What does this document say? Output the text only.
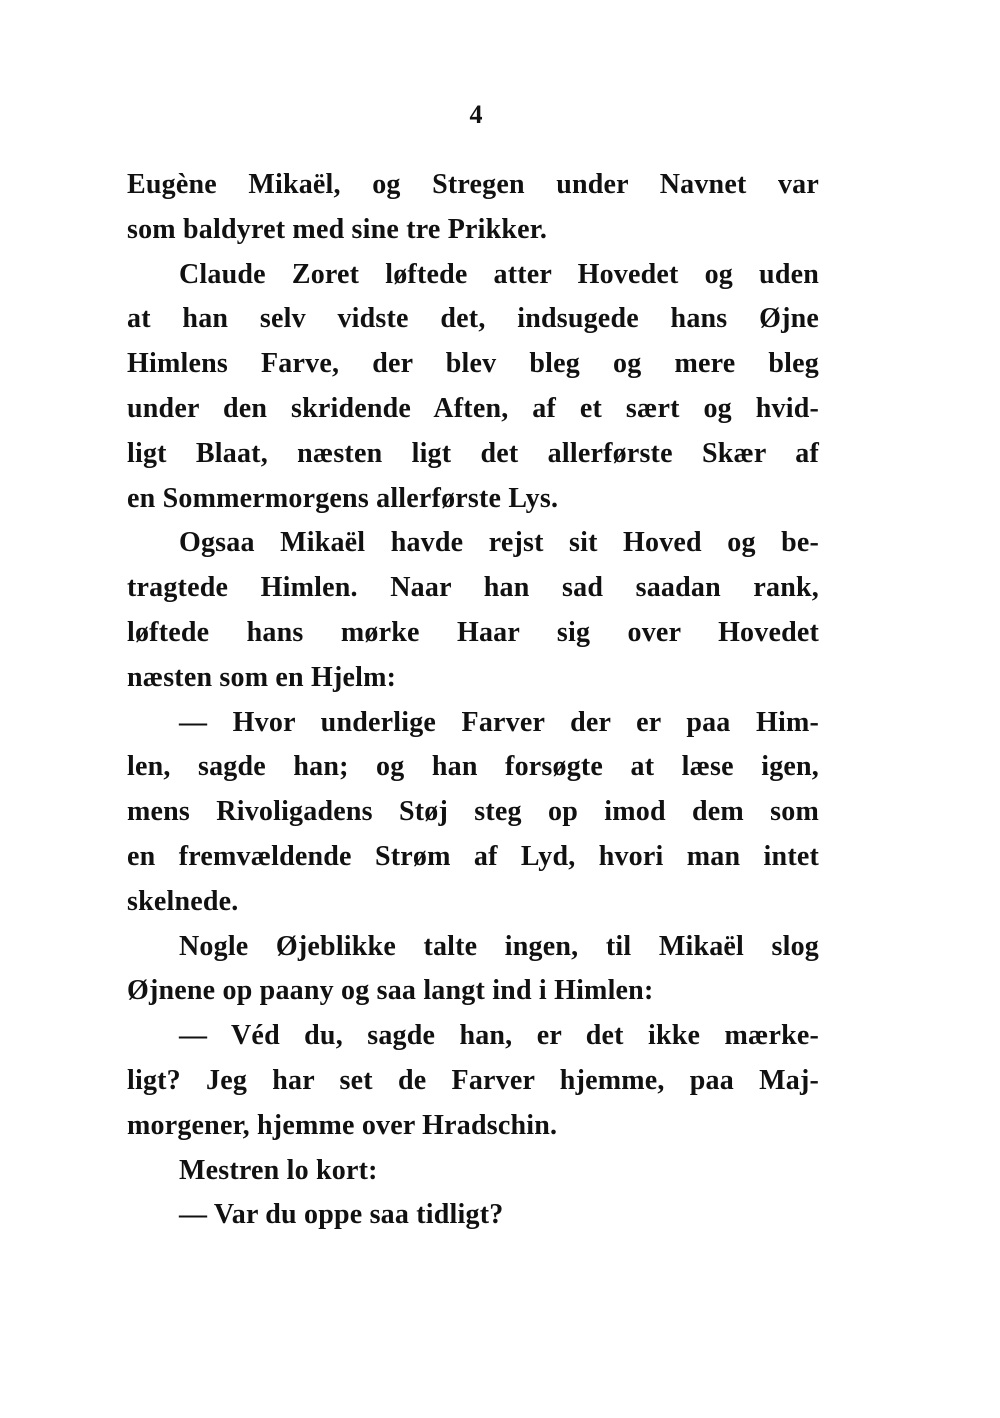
4
Eugène Mikaël, og Stregen under Navnet var
som baldyret med sine tre Prikker.
Claude Zoret løftede atter Hovedet og uden
at han selv vidste det, indsugede hans Øjne
Himlens Farve, der blev bleg og mere bleg
under den skridende Aften, af et sært og hvid-
ligt Blaat, næsten ligt det allerførste Skær af
en Sommermorgens allerførste Lys.
Ogsaa Mikaël havde rejst sit Hoved og be-
tragtede Himlen. Naar han sad saadan rank,
løftede hans mørke Haar sig over Hovedet
næsten som en Hjelm:
— Hvor underlige Farver der er paa Him-
len, sagde han; og han forsøgte at læse igen,
mens Rivoligadens Støj steg op imod dem som
en fremvældende Strøm af Lyd, hvori man intet
skelnede.
Nogle Øjeblikke talte ingen, til Mikaël slog
Øjnene op paany og saa langt ind i Himlen:
— Véd du, sagde han, er det ikke mærke-
ligt? Jeg har set de Farver hjemme, paa Maj-
morgener, hjemme over Hradschin.
Mestren lo kort:
— Var du oppe saa tidligt?
